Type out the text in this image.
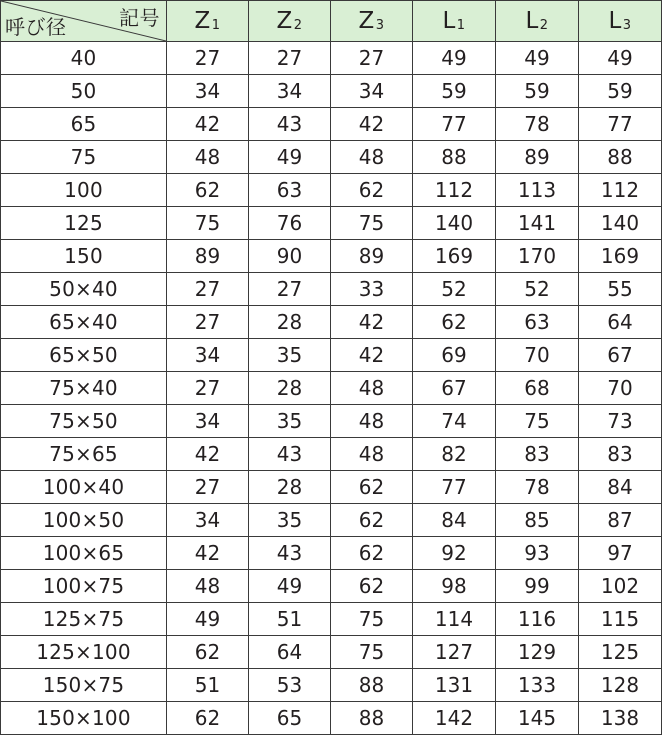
記号
呼び径	$Z_1$	$Z_2$	$Z_3$	$L_1$	$L_2$	$L_3$
40	27	27	27	49	49	49
50	34	34	34	59	59	59
65	42	43	42	77	78	77
75	48	49	48	88	89	88
100	62	63	62	112	113	112
125	75	76	75	140	141	140
150	89	90	89	169	170	169
50×40	27	27	33	52	52	55
65×40	27	28	42	62	63	64
65×50	34	35	42	69	70	67
75×40	27	28	48	67	68	70
75×50	34	35	48	74	75	73
75×65	42	43	48	82	83	83
100×40	27	28	62	77	78	84
100×50	34	35	62	84	85	87
100×65	42	43	62	92	93	97
100×75	48	49	62	98	99	102
125×75	49	51	75	114	116	115
125×100	62	64	75	127	129	125
150×75	51	53	88	131	133	128
150×100	62	65	88	142	145	138
